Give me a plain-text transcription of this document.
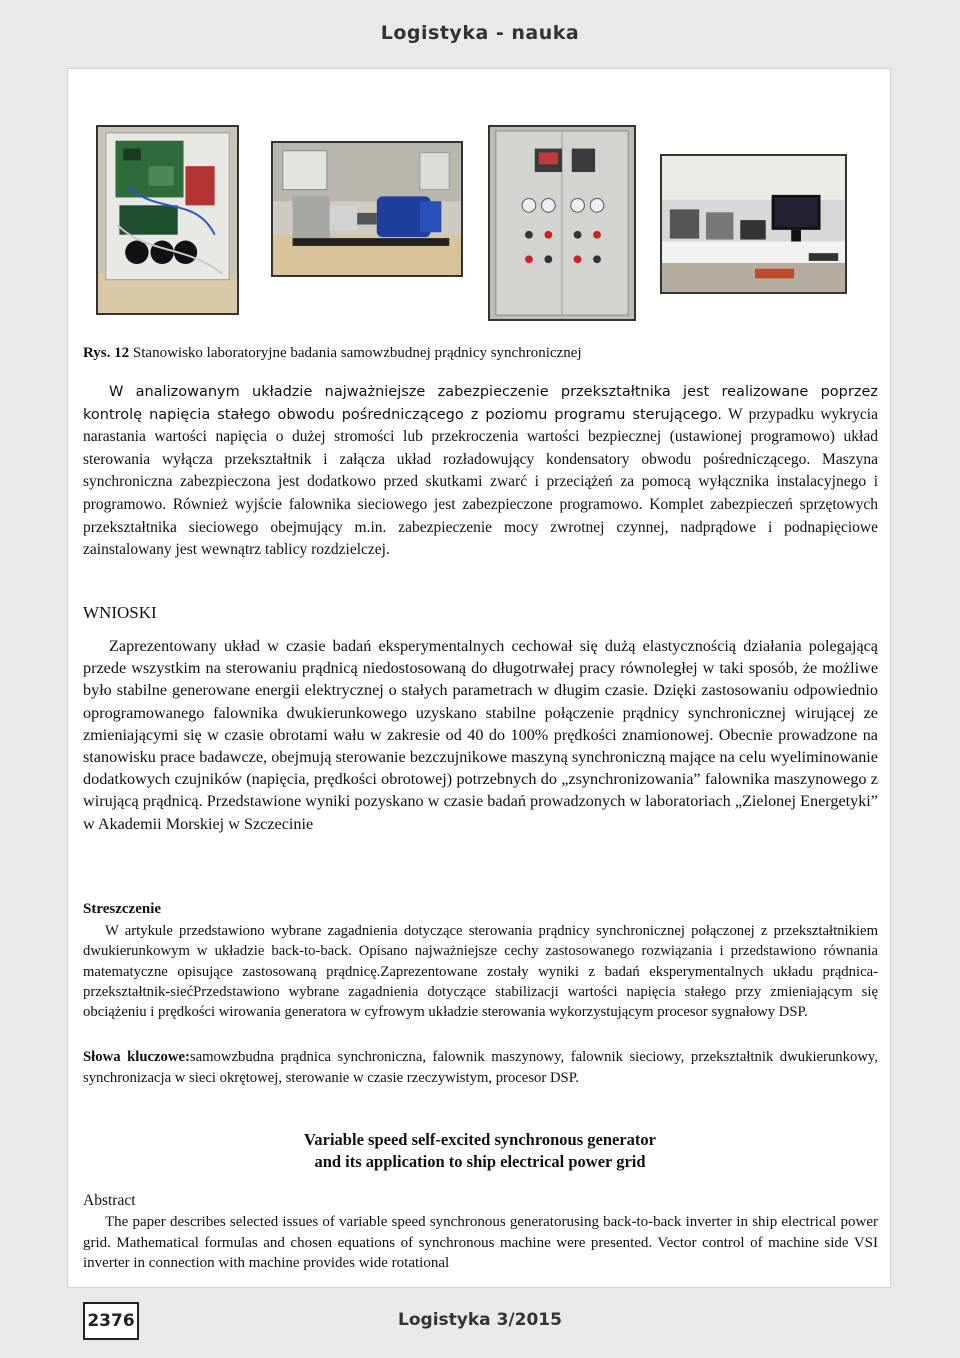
Logistyka - nauka
Rys. 12 Stanowisko laboratoryjne badania samowzbudnej prądnicy synchronicznej

W analizowanym układzie najważniejsze zabezpieczenie przekształtnika jest realizowane poprzez kontrolę napięcia stałego obwodu pośredniczącego z poziomu programu sterującego. W przypadku wykrycia narastania wartości napięcia o dużej stromości lub przekroczenia wartości bezpiecznej (ustawionej programowo) układ sterowania wyłącza przekształtnik i załącza układ rozładowujący kondensatory obwodu pośredniczącego. Maszyna synchroniczna zabezpieczona jest dodatkowo przed skutkami zwarć i przeciążeń za pomocą wyłącznika instalacyjnego i programowo. Również wyjście falownika sieciowego jest zabezpieczone programowo. Komplet zabezpieczeń sprzętowych przekształtnika sieciowego obejmujący m.in. zabezpieczenie mocy zwrotnej czynnej, nadprądowe i podnapięciowe zainstalowany jest wewnątrz tablicy rozdzielczej.

WNIOSKI

Zaprezentowany układ w czasie badań eksperymentalnych cechował się dużą elastycznością działania polegającą przede wszystkim na sterowaniu prądnicą niedostosowaną do długotrwałej pracy równoległej w taki sposób, że możliwe było stabilne generowane energii elektrycznej o stałych parametrach w długim czasie. Dzięki zastosowaniu odpowiednio oprogramowanego falownika dwukierunkowego uzyskano stabilne połączenie prądnicy synchronicznej wirującej ze zmieniającymi się w czasie obrotami wału w zakresie od 40 do 100% prędkości znamionowej. Obecnie prowadzone na stanowisku prace badawcze, obejmują sterowanie bezczujnikowe maszyną synchroniczną mające na celu wyeliminowanie dodatkowych czujników (napięcia, prędkości obrotowej) potrzebnych do „zsynchronizowania” falownika maszynowego z wirującą prądnicą. Przedstawione wyniki pozyskano w czasie badań prowadzonych w laboratoriach „Zielonej Energetyki” w Akademii Morskiej w Szczecinie

Streszczenie

W artykule przedstawiono wybrane zagadnienia dotyczące sterowania prądnicy synchronicznej połączonej z przekształtnikiem dwukierunkowym w układzie back-to-back. Opisano najważniejsze cechy zastosowanego rozwiązania i przedstawiono równania matematyczne opisujące zastosowaną prądnicę.Zaprezentowane zostały wyniki z badań eksperymentalnych układu prądnica-przekształtnik-siećPrzedstawiono wybrane zagadnienia dotyczące stabilizacji wartości napięcia stałego przy zmieniającym się obciążeniu i prędkości wirowania generatora w cyfrowym układzie sterowania wykorzystującym procesor sygnałowy DSP.

Słowa kluczowe:samowzbudna prądnica synchroniczna, falownik maszynowy, falownik sieciowy, przekształtnik dwukierunkowy, synchronizacja w sieci okrętowej, sterowanie w czasie rzeczywistym, procesor DSP.

Variable speed self-excited synchronous generator
and its application to ship electrical power grid
Abstract

The paper describes selected issues of variable speed synchronous generatorusing back-to-back inverter in ship electrical power grid. Mathematical formulas and chosen equations of synchronous machine were presented. Vector control of machine side VSI inverter in connection with machine provides wide rotational

2376	Logistyka 3/2015
